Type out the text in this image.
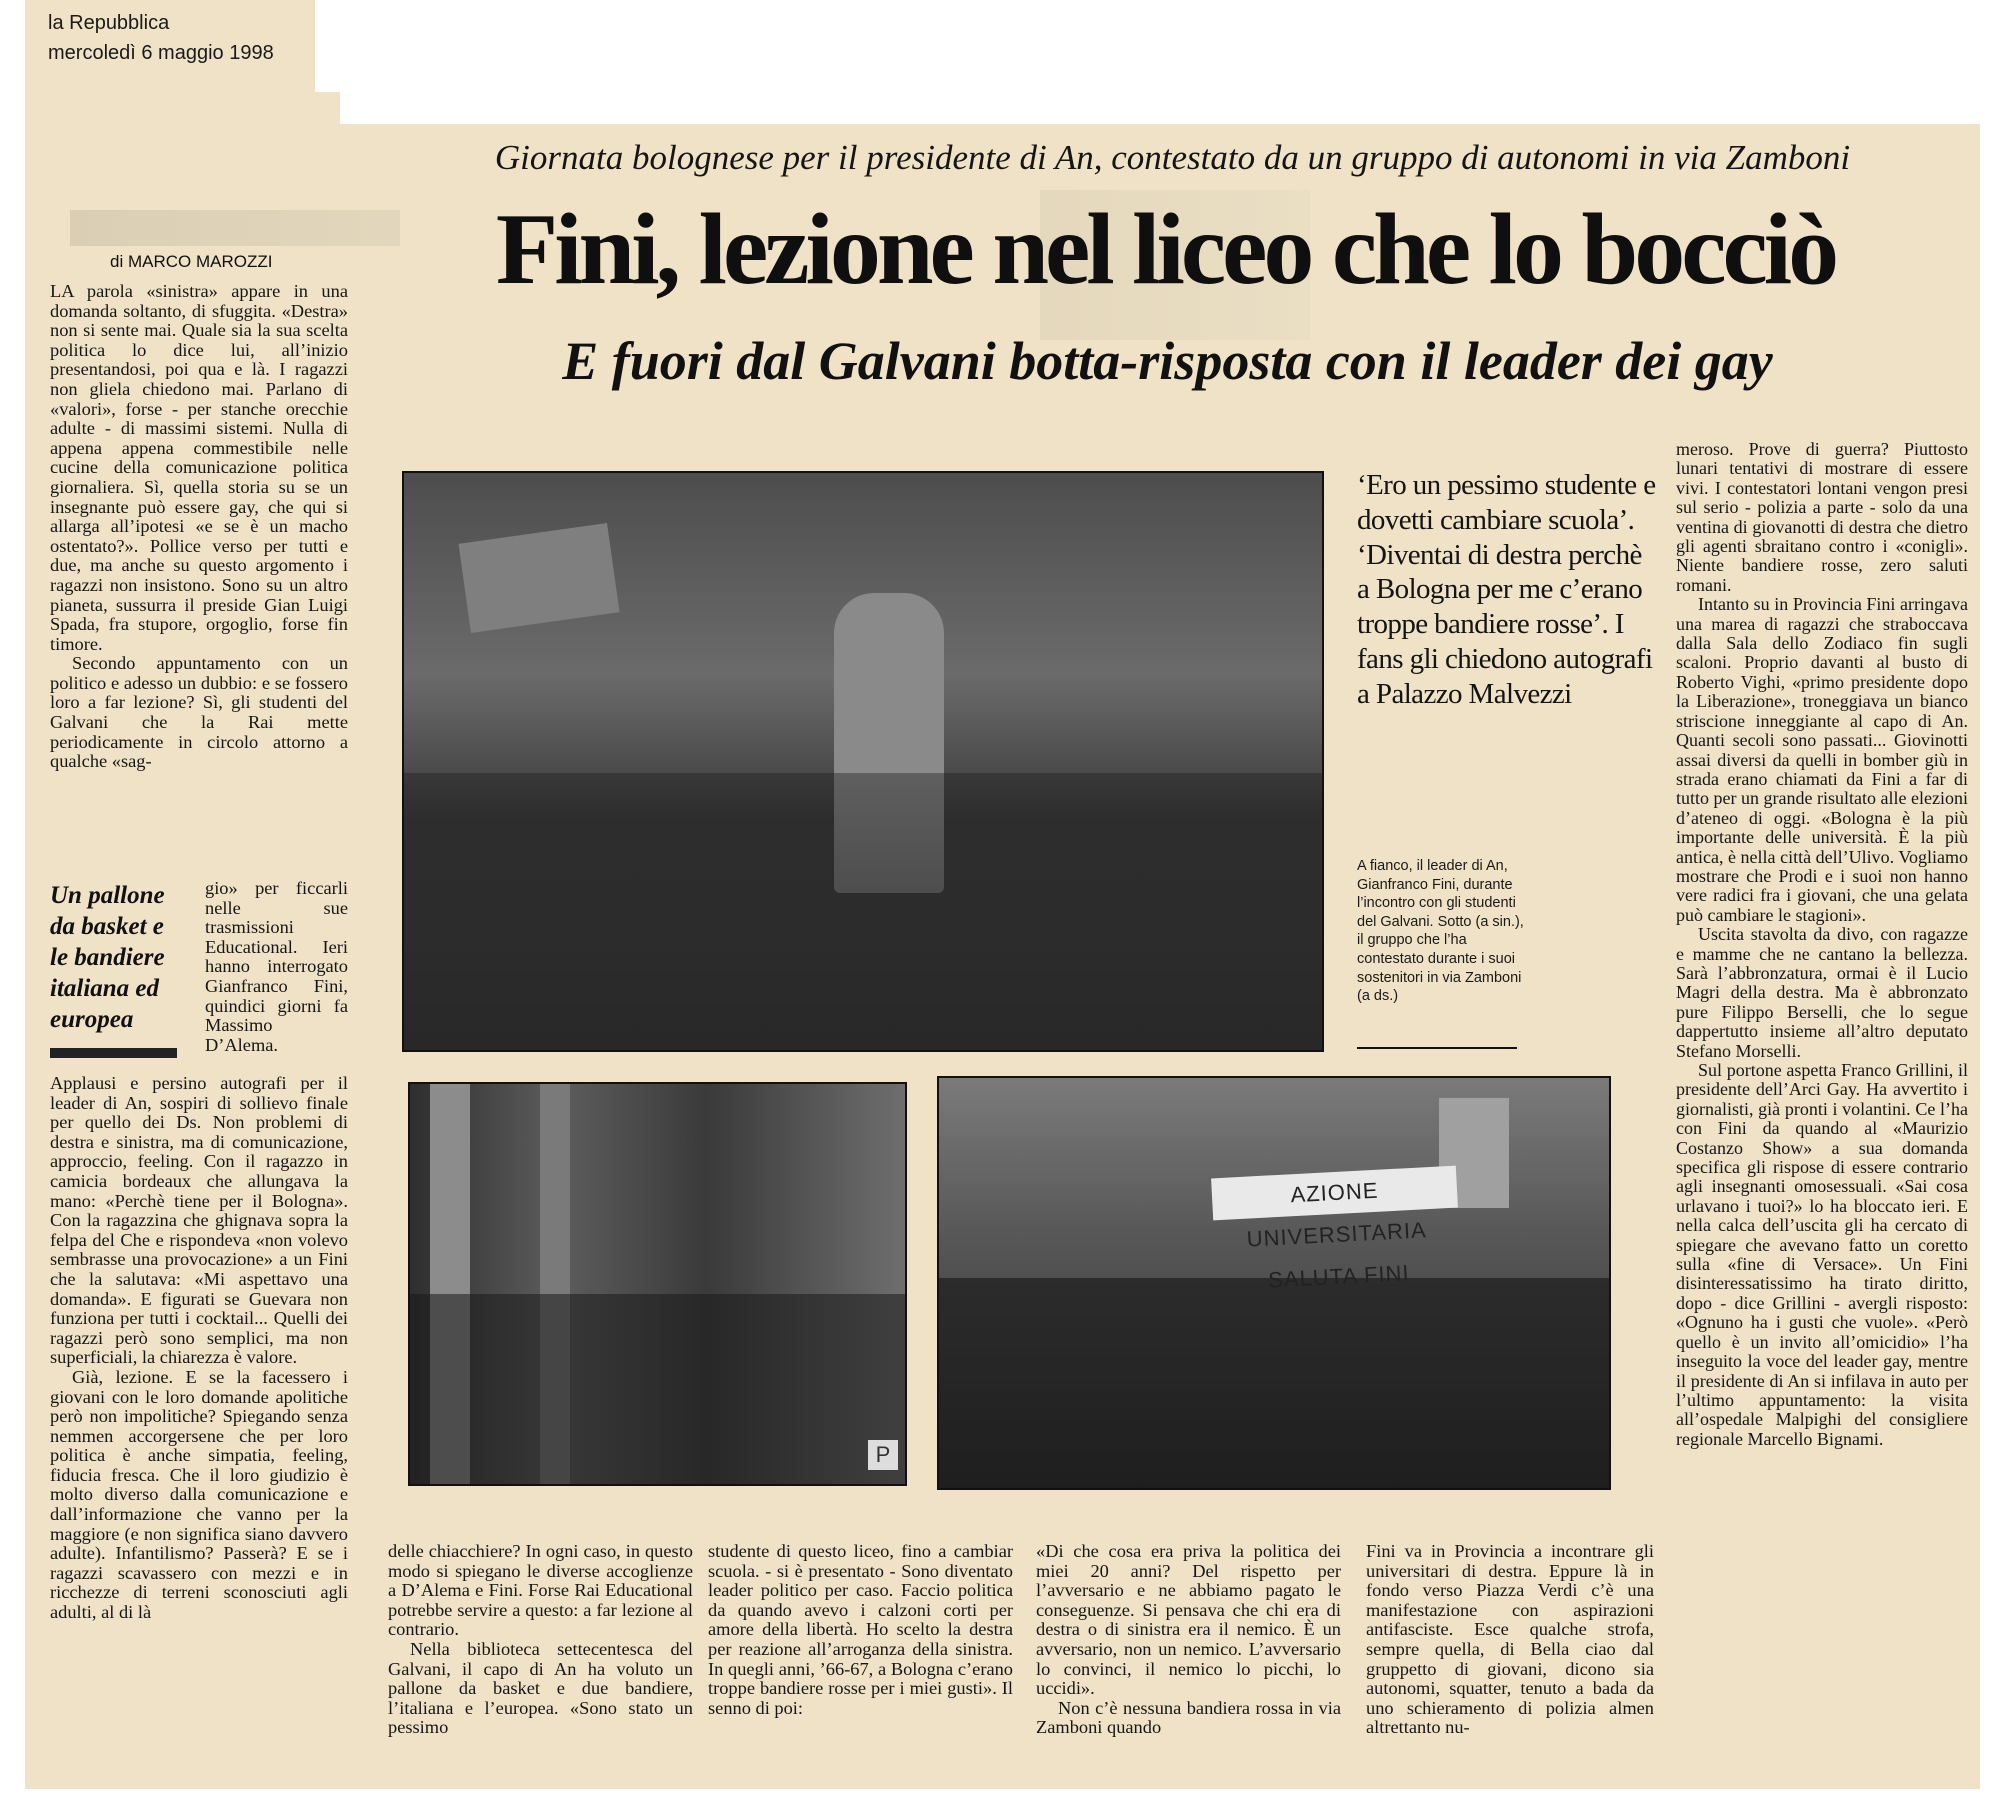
la Repubblica
mercoledì 6 maggio 1998
Giornata bolognese per il presidente di An, contestato da un gruppo di autonomi in via Zamboni
Fini, lezione nel liceo che lo bocciò
E fuori dal Galvani botta-risposta con il leader dei gay
di MARCO MAROZZI

LA parola «sinistra» appare in una domanda soltanto, di sfuggita. «Destra» non si sente mai. Quale sia la sua scelta politica lo dice lui, all’inizio presentandosi, poi qua e là. I ragazzi non gliela chiedono mai. Parlano di «valori», forse - per stanche orecchie adulte - di massimi sistemi. Nulla di appena appena commestibile nelle cucine della comunicazione politica giornaliera. Sì, quella storia su se un insegnante può essere gay, che qui si allarga all’ipotesi «e se è un macho ostentato?». Pollice verso per tutti e due, ma anche su questo argomento i ragazzi non insistono. Sono su un altro pianeta, sussurra il preside Gian Luigi Spada, fra stupore, orgoglio, forse fin timore.

Secondo appuntamento con un politico e adesso un dubbio: e se fossero loro a far lezione? Sì, gli studenti del Galvani che la Rai mette periodicamente in circolo attorno a qualche «sag-

Un pallone da basket e le bandiere italiana ed europea

gio» per ficcarli nelle sue trasmissioni Educational. Ieri hanno interrogato Gianfranco Fini, quindici giorni fa Massimo D’Alema.

Applausi e persino autografi per il leader di An, sospiri di sollievo finale per quello dei Ds. Non problemi di destra e sinistra, ma di comunicazione, approccio, feeling. Con il ragazzo in camicia bordeaux che allungava la mano: «Perchè tiene per il Bologna». Con la ragazzina che ghignava sopra la felpa del Che e rispondeva «non volevo sembrasse una provocazione» a un Fini che la salutava: «Mi aspettavo una domanda». E figurati se Guevara non funziona per tutti i cocktail... Quelli dei ragazzi però sono semplici, ma non superficiali, la chiarezza è valore.

Già, lezione. E se la facessero i giovani con le loro domande apolitiche però non impolitiche? Spiegando senza nemmen accorgersene che per loro politica è anche simpatia, feeling, fiducia fresca. Che il loro giudizio è molto diverso dalla comunicazione e dall’informazione che vanno per la maggiore (e non significa siano davvero adulte). Infantilismo? Passerà? E se i ragazzi scavassero con mezzi e in ricchezze di terreni sconosciuti agli adulti, al di là

P
AZIONE UNIVERSITARIA SALUTA FINI
‘Ero un pessimo studente e dovetti cambiare scuola’. ‘Diventai di destra perchè a Bologna per me c’erano troppe bandiere rosse’. I fans gli chiedono autografi a Palazzo Malvezzi
A fianco, il leader di An, Gianfranco Fini, durante l’incontro con gli studenti del Galvani. Sotto (a sin.), il gruppo che l’ha contestato durante i suoi sostenitori in via Zamboni (a ds.)

delle chiacchiere? In ogni caso, in questo modo si spiegano le diverse accoglienze a D’Alema e Fini. Forse Rai Educational potrebbe servire a questo: a far lezione al contrario.

Nella biblioteca settecentesca del Galvani, il capo di An ha voluto un pallone da basket e due bandiere, l’italiana e l’europea. «Sono stato un pessimo

studente di questo liceo, fino a cambiar scuola. - si è presentato - Sono diventato leader politico per caso. Faccio politica da quando avevo i calzoni corti per amore della libertà. Ho scelto la destra per reazione all’arroganza della sinistra. In quegli anni, ’66-67, a Bologna c’erano troppe bandiere rosse per i miei gusti». Il senno di poi:

«Di che cosa era priva la politica dei miei 20 anni? Del rispetto per l’avversario e ne abbiamo pagato le conseguenze. Si pensava che chi era di destra o di sinistra era il nemico. È un avversario, non un nemico. L’avversario lo convinci, il nemico lo picchi, lo uccidi».

Non c’è nessuna bandiera rossa in via Zamboni quando

Fini va in Provincia a incontrare gli universitari di destra. Eppure là in fondo verso Piazza Verdi c’è una manifestazione con aspirazioni antifasciste. Esce qualche strofa, sempre quella, di Bella ciao dal gruppetto di giovani, dicono sia autonomi, squatter, tenuto a bada da uno schieramento di polizia almen altrettanto nu-

meroso. Prove di guerra? Piuttosto lunari tentativi di mostrare di essere vivi. I contestatori lontani vengon presi sul serio - polizia a parte - solo da una ventina di giovanotti di destra che dietro gli agenti sbraitano contro i «conigli». Niente bandiere rosse, zero saluti romani.

Intanto su in Provincia Fini arringava una marea di ragazzi che straboccava dalla Sala dello Zodiaco fin sugli scaloni. Proprio davanti al busto di Roberto Vighi, «primo presidente dopo la Liberazione», troneggiava un bianco striscione inneggiante al capo di An. Quanti secoli sono passati... Giovinotti assai diversi da quelli in bomber giù in strada erano chiamati da Fini a far di tutto per un grande risultato alle elezioni d’ateneo di oggi. «Bologna è la più importante delle università. È la più antica, è nella città dell’Ulivo. Vogliamo mostrare che Prodi e i suoi non hanno vere radici fra i giovani, che una gelata può cambiare le stagioni».

Uscita stavolta da divo, con ragazze e mamme che ne cantano la bellezza. Sarà l’abbronzatura, ormai è il Lucio Magri della destra. Ma è abbronzato pure Filippo Berselli, che lo segue dappertutto insieme all’altro deputato Stefano Morselli.

Sul portone aspetta Franco Grillini, il presidente dell’Arci Gay. Ha avvertito i giornalisti, già pronti i volantini. Ce l’ha con Fini da quando al «Maurizio Costanzo Show» a sua domanda specifica gli rispose di essere contrario agli insegnanti omosessuali. «Sai cosa urlavano i tuoi?» lo ha bloccato ieri. E nella calca dell’uscita gli ha cercato di spiegare che avevano fatto un coretto sulla «fine di Versace». Un Fini disinteressatissimo ha tirato diritto, dopo - dice Grillini - avergli risposto: «Ognuno ha i gusti che vuole». «Però quello è un invito all’omicidio» l’ha inseguito la voce del leader gay, mentre il presidente di An si infilava in auto per l’ultimo appuntamento: la visita all’ospedale Malpighi del consigliere regionale Marcello Bignami.
